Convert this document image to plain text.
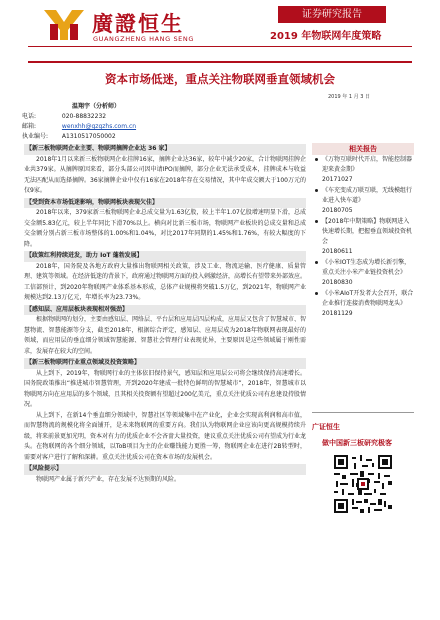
廣證恒生
GUANGZHENG HANG SENG
证券研究报告
2019 年物联网年度策略
资本市场低迷，重点关注物联网垂直领域机会
2019 年 1 月 3 日
温翔宇（分析师）
电话:	020-88832232
邮箱:	wenxhh@gzgzhs.com.cn
执业编号: A1310517050002
【新三板物联网企业主要、物联网摘牌企业达 36 家】
2018年1月以来新三板物联网企业挂牌16家，摘牌企业达36家，较年中减少20家，合计物联网挂牌企业共379家。从摘牌原因来看，部分头部公司因申请IPO而摘牌，部分企业无法承受成本，挂牌成本与收益无法匹配从而选择摘牌。36家摘牌企业中仅有16家在2018年存在交易情况，其中年成交额大于100万元的仅9家。
【受到资本市场低迷影响，物联网板块表现欠佳】
2018年以来，379家新三板物联网企业总成交量为1.63亿股，较上半年1.07亿股增速明显下滑，总成交金额5.83亿元，较上半年同比下滑70%以上。横向对比新三板市场，物联网产业板块的总成交量和总成交金额分别占新三板市场整体的1.00%和1.04%，对比2017年同期的1.45%和1.76%，有较大幅度的下降。
【政策红利持续迸发，助力 IoT 蓬勃发展】
2018年，国务院及各地方政府大量推出物联网相关政策，涉及工业、物流运输、医疗健康、质量管理、建筑等领域。在经济低迷的背景下，政府通过物联网方面的投入刺激经济，高增长有望带来外部效应。工信部预计，到2020年物联网产业体系基本形成，总体产业规模将突破1.5万亿，到2021年，物联网产业规模达到2.13万亿元，年增长率为23.73%。
【感知层、应用层板块表现相对强劲】
根据物联网的划分，主要由感知层、网络层、平台层和应用层四层构成，应用层又包含了智慧城市、智慧物流、智慧能源等分支，截至2018年，根据综合评定，感知层、应用层成为2018年物联网表现最好的领域，而应用层的垂直细分领域智慧能源、智慧社会管理行业表现优异，主要原因是这些领域属于刚性需求，发展存在较大的空间。
【新三板物联网行业重点领域及投资策略】
从上到下，2019年，物联网行业的主体依旧保持景气，感知层和应用层公司将会继续保持高速增长。国务院政策推出“推进城市智慧管理，开到2020年建成一批特色鲜明的智慧城市”，2018年，智慧城市以物联网方向在应用层的多个领域，且其相关投资额有望超过200亿美元，重点关注优质公司有息建设持股情况。
从上到下，在新14个垂直细分领域中，智慧社区等领域集中在产业化，企业会实现高利润和高市值，而智慧物流的规模化将全面铺开，是未来物联网的重要方向。我们认为物联网企业应该向更高规模持续升级，将来前景更加光明，资本对有力的优质企业不会吝啬大量投资，建议重点关注优质公司有望成为行业龙头。在物联网的各个细分领域，以ToB项目为主的企业赚钱能力更胜一筹，物联网企业在进行2B转型时，需要对客户进行了解和深耕。重点关注优质公司在资本市场的发展机会。
【风险提示】
物联网产业属于新兴产业，存在发展不达预期的风险。
相关报告
《万物互联时代开启，智能控制器迎来黄金期》
20171027
《车充变成万联互联，无线模组行业进入快车道》
20180705
【2018年中期策略】物联网进入快速增长期，把握垂直领域投资机会
20180611
《小米IOT生态成为增长新引擎，重点关注小米产业链投资机会》
20180830
《小米AIoT开发者大会召开，联合企业推行连接消费物联网龙头》
20181129
广证恒生
做中国新三板研究极客
